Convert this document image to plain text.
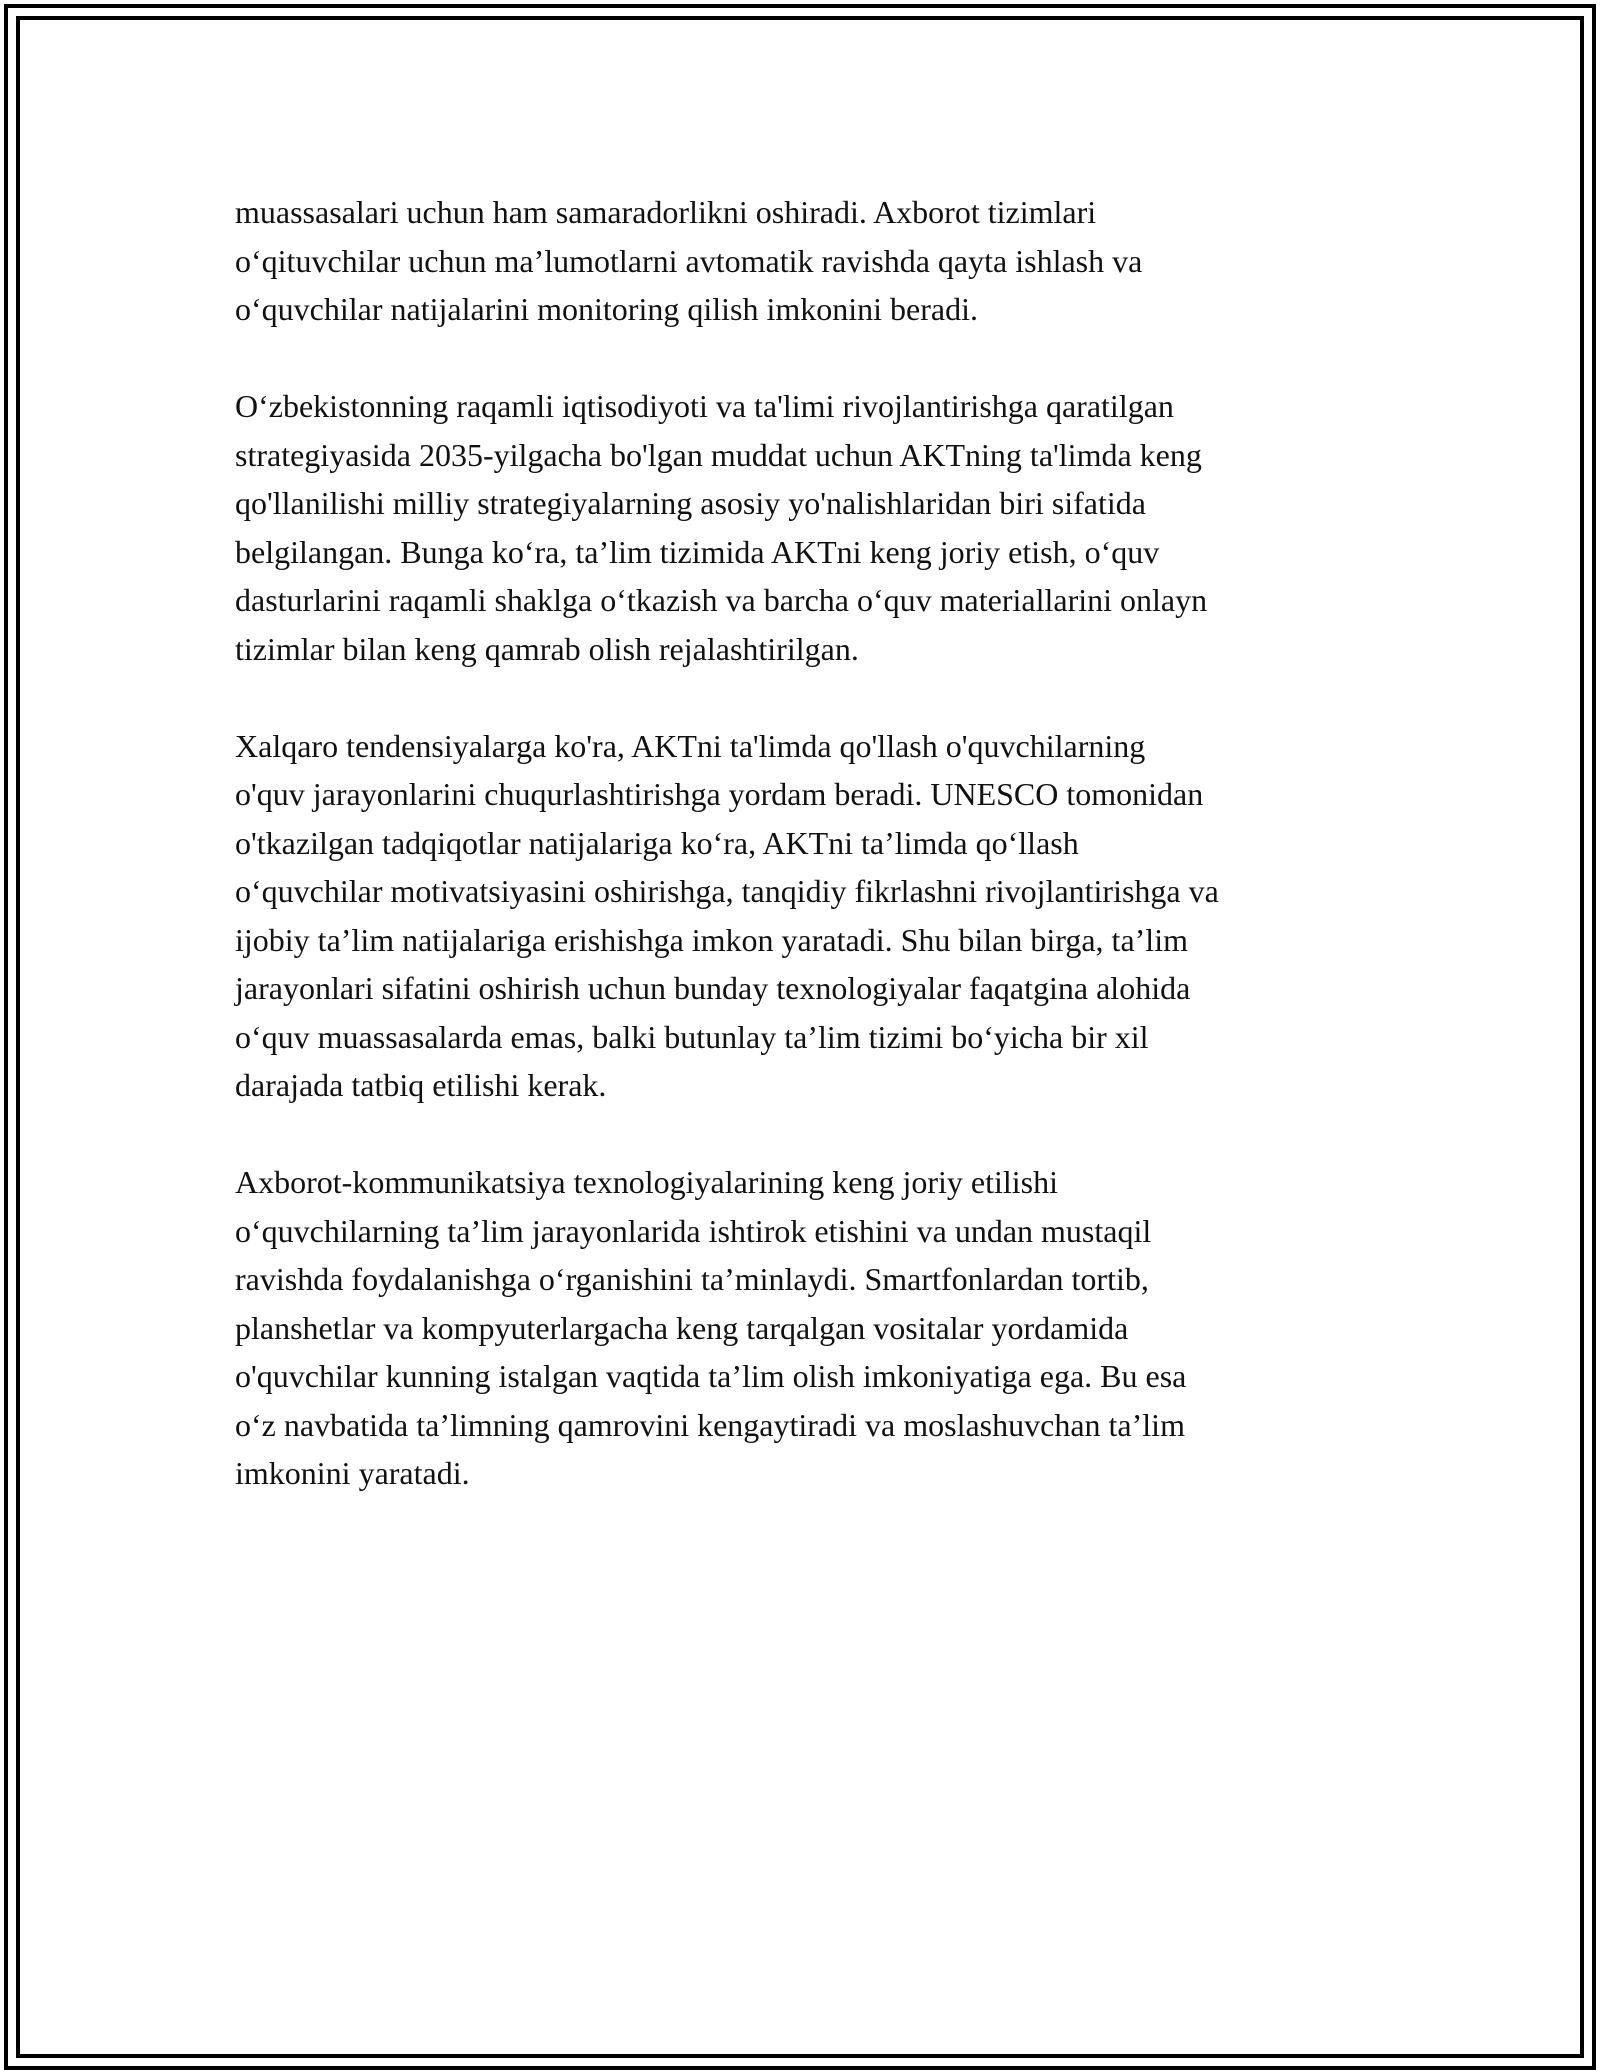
muassasalari uchun ham samaradorlikni oshiradi. Axborot tizimlari
o‘qituvchilar uchun ma’lumotlarni avtomatik ravishda qayta ishlash va
o‘quvchilar natijalarini monitoring qilish imkonini beradi.

O‘zbekistonning raqamli iqtisodiyoti va ta'limi rivojlantirishga qaratilgan
strategiyasida 2035-yilgacha bo'lgan muddat uchun AKTning ta'limda keng
qo'llanilishi milliy strategiyalarning asosiy yo'nalishlaridan biri sifatida
belgilangan. Bunga ko‘ra, ta’lim tizimida AKTni keng joriy etish, o‘quv
dasturlarini raqamli shaklga o‘tkazish va barcha o‘quv materiallarini onlayn
tizimlar bilan keng qamrab olish rejalashtirilgan.

Xalqaro tendensiyalarga ko'ra, AKTni ta'limda qo'llash o'quvchilarning
o'quv jarayonlarini chuqurlashtirishga yordam beradi. UNESCO tomonidan
o'tkazilgan tadqiqotlar natijalariga ko‘ra, AKTni ta’limda qo‘llash
o‘quvchilar motivatsiyasini oshirishga, tanqidiy fikrlashni rivojlantirishga va
ijobiy ta’lim natijalariga erishishga imkon yaratadi. Shu bilan birga, ta’lim
jarayonlari sifatini oshirish uchun bunday texnologiyalar faqatgina alohida
o‘quv muassasalarda emas, balki butunlay ta’lim tizimi bo‘yicha bir xil
darajada tatbiq etilishi kerak.

Axborot-kommunikatsiya texnologiyalarining keng joriy etilishi
o‘quvchilarning ta’lim jarayonlarida ishtirok etishini va undan mustaqil
ravishda foydalanishga o‘rganishini ta’minlaydi. Smartfonlardan tortib,
planshetlar va kompyuterlargacha keng tarqalgan vositalar yordamida
o'quvchilar kunning istalgan vaqtida ta’lim olish imkoniyatiga ega. Bu esa
o‘z navbatida ta’limning qamrovini kengaytiradi va moslashuvchan ta’lim
imkonini yaratadi.
